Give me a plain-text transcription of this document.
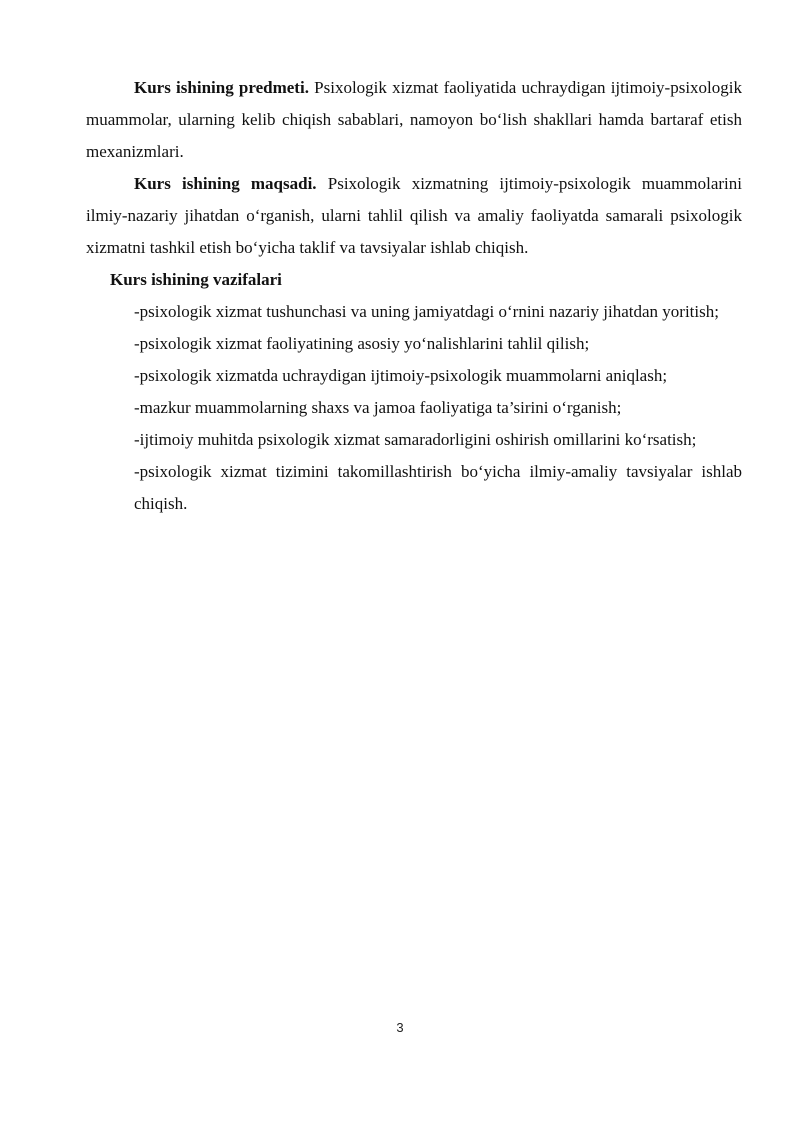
Kurs ishining predmeti. Psixologik xizmat faoliyatida uchraydigan ijtimoiy-psixologik muammolar, ularning kelib chiqish sabablari, namoyon bo‘lish shakllari hamda bartaraf etish mexanizmlari.

Kurs ishining maqsadi. Psixologik xizmatning ijtimoiy-psixologik muammolarini ilmiy-nazariy jihatdan o‘rganish, ularni tahlil qilish va amaliy faoliyatda samarali psixologik xizmatni tashkil etish bo‘yicha taklif va tavsiyalar ishlab chiqish.

Kurs ishining vazifalari

-psixologik xizmat tushunchasi va uning jamiyatdagi o‘rnini nazariy jihatdan yoritish;
-psixologik xizmat faoliyatining asosiy yo‘nalishlarini tahlil qilish;
-psixologik xizmatda uchraydigan ijtimoiy-psixologik muammolarni aniqlash;
-mazkur muammolarning shaxs va jamoa faoliyatiga ta’sirini o‘rganish;
-ijtimoiy muhitda psixologik xizmat samaradorligini oshirish omillarini ko‘rsatish;
-psixologik xizmat tizimini takomillashtirish bo‘yicha ilmiy-amaliy tavsiyalar ishlab chiqish.
3
